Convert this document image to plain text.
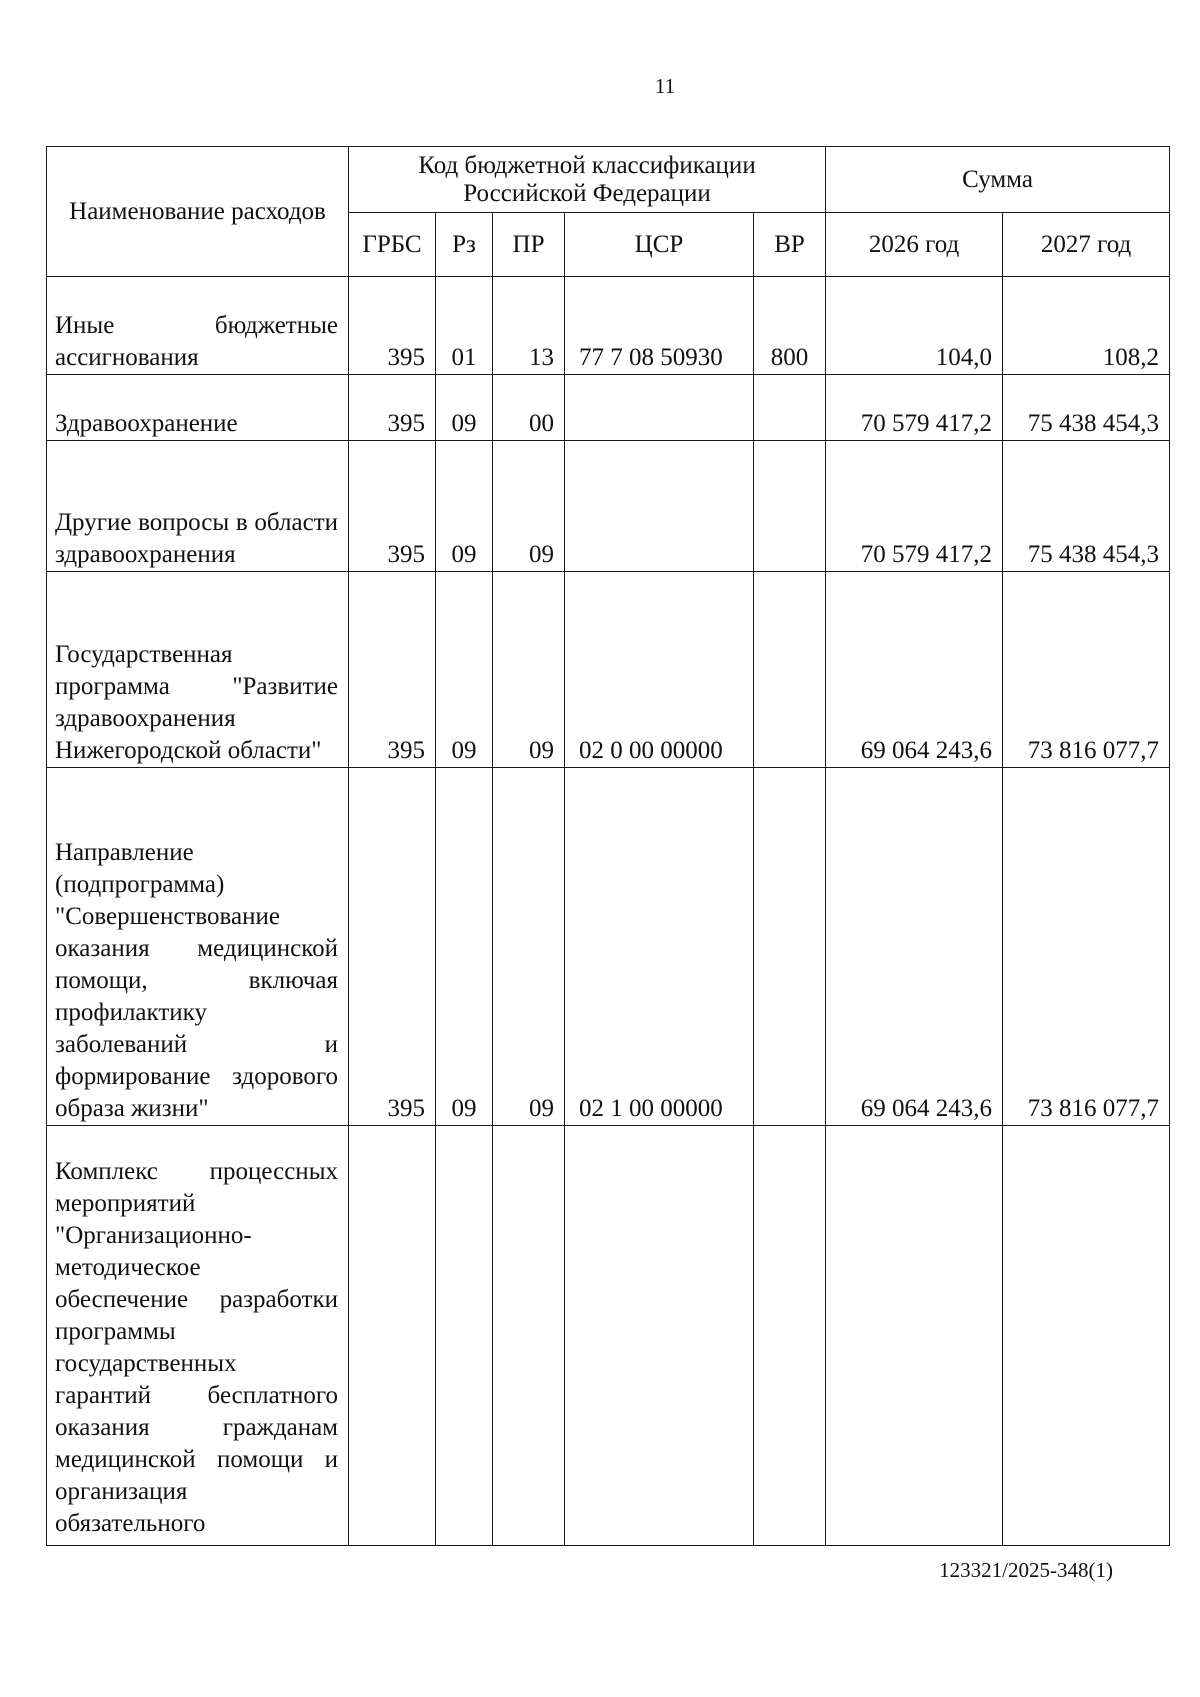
11
Наименование расходов	Код бюджетной классификации Российской Федерации					Сумма	
	ГРБС	Рз	ПР	ЦСР	ВР	2026 год	2027 год
Иные бюджетные ассигнования	395	01	13	77 7 08 50930	800	104,0	108,2
Здравоохранение	395	09	00			70 579 417,2	75 438 454,3
Другие вопросы в области здравоохранения	395	09	09			70 579 417,2	75 438 454,3
Государственная программа "Развитие здравоохранения Нижегородской области"	395	09	09	02 0 00 00000		69 064 243,6	73 816 077,7
Направление (подпрограмма) "Совершенствование оказания медицинской помощи, включая профилактику заболеваний и формирование здорового образа жизни"	395	09	09	02 1 00 00000		69 064 243,6	73 816 077,7
Комплекс процессных мероприятий "Организационно-методическое обеспечение разработки программы государственных гарантий бесплатного оказания гражданам медицинской помощи и организация обязательного							
123321/2025-348(1)
